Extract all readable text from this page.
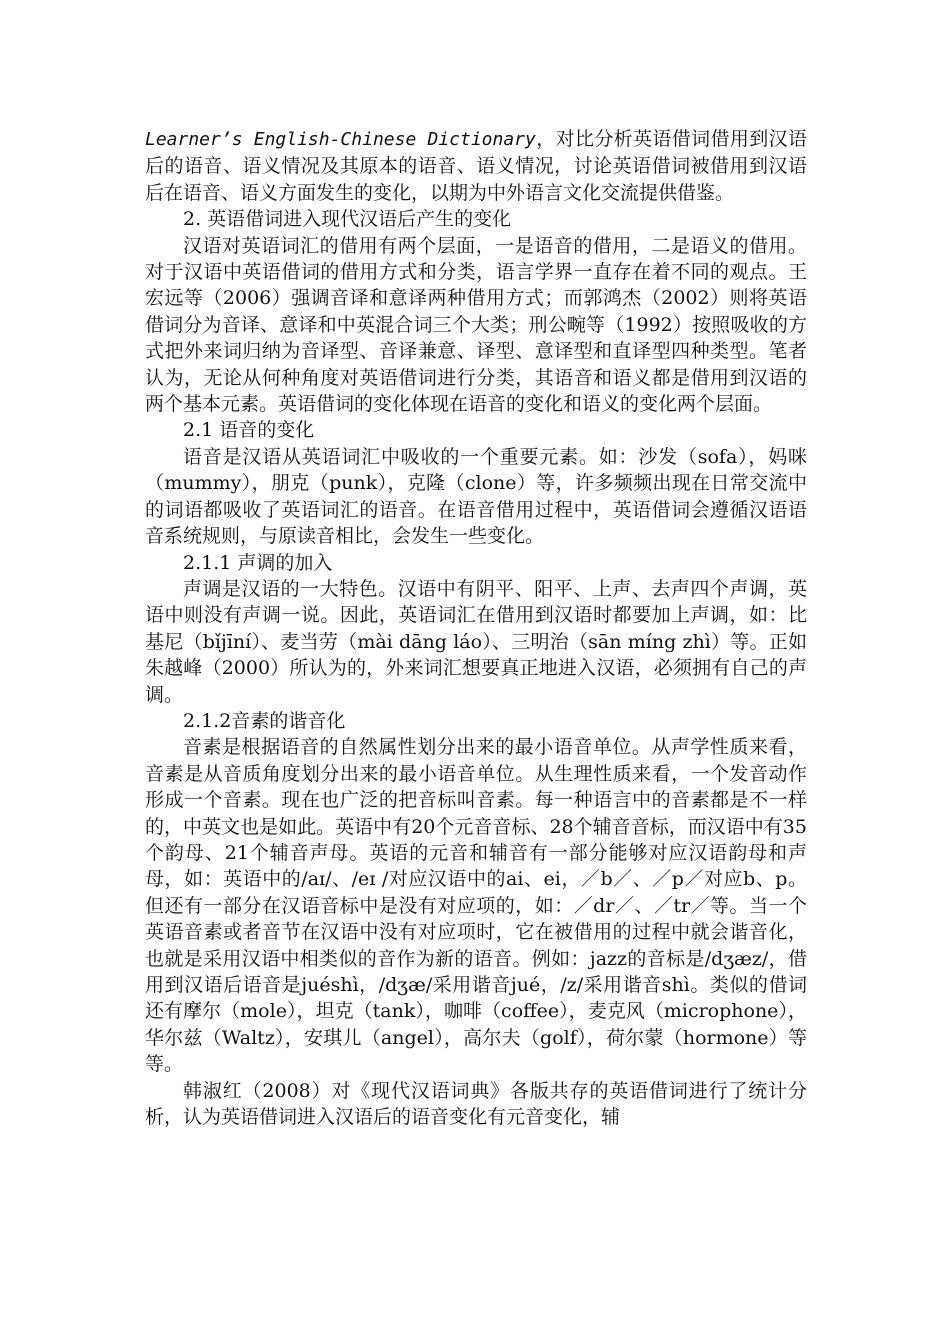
Learner’s English-Chinese Dictionary，对比分析英语借词借用到汉语后的语音、语义情况及其原本的语音、语义情况，讨论英语借词被借用到汉语后在语音、语义方面发生的变化，以期为中外语言文化交流提供借鉴。

2. 英语借词进入现代汉语后产生的变化

汉语对英语词汇的借用有两个层面，一是语音的借用，二是语义的借用。对于汉语中英语借词的借用方式和分类，语言学界一直存在着不同的观点。王宏远等（2006）强调音译和意译两种借用方式；而郭鸿杰（2002）则将英语借词分为音译、意译和中英混合词三个大类；刑公畹等（1992）按照吸收的方式把外来词归纳为音译型、音译兼意、译型、意译型和直译型四种类型。笔者认为，无论从何种角度对英语借词进行分类，其语音和语义都是借用到汉语的两个基本元素。英语借词的变化体现在语音的变化和语义的变化两个层面。

2.1 语音的变化

语音是汉语从英语词汇中吸收的一个重要元素。如：沙发（sofa），妈咪（mummy），朋克（punk），克隆（clone）等，许多频频出现在日常交流中的词语都吸收了英语词汇的语音。在语音借用过程中，英语借词会遵循汉语语音系统规则，与原读音相比，会发生一些变化。

2.1.1 声调的加入

声调是汉语的一大特色。汉语中有阴平、阳平、上声、去声四个声调，英语中则没有声调一说。因此，英语词汇在借用到汉语时都要加上声调，如：比基尼（bǐjīní）、麦当劳（mài dāng láo）、三明治（sān míng zhì）等。正如朱越峰（2000）所认为的，外来词汇想要真正地进入汉语，必须拥有自己的声调。

2.1.2音素的谐音化

音素是根据语音的自然属性划分出来的最小语音单位。从声学性质来看，音素是从音质角度划分出来的最小语音单位。从生理性质来看，一个发音动作形成一个音素。现在也广泛的把音标叫音素。每一种语言中的音素都是不一样的，中英文也是如此。英语中有20个元音音标、28个辅音音标，而汉语中有35个韵母、21个辅音声母。英语的元音和辅音有一部分能够对应汉语韵母和声母，如：英语中的/aɪ/、/eɪ /对应汉语中的ai、ei，／b／、／p／对应b、p。但还有一部分在汉语音标中是没有对应项的，如：／dr／、／tr／等。当一个英语音素或者音节在汉语中没有对应项时，它在被借用的过程中就会谐音化，也就是采用汉语中相类似的音作为新的语音。例如：jazz的音标是/dʒæz/，借用到汉语后语音是juéshì，/dʒæ/采用谐音jué，/z/采用谐音shì。类似的借词还有摩尔（mole），坦克（tank），咖啡（coffee），麦克风（microphone），华尔兹（Waltz），安琪儿（angel），高尔夫（golf），荷尔蒙（hormone）等等。

韩淑红（2008）对《现代汉语词典》各版共存的英语借词进行了统计分析，认为英语借词进入汉语后的语音变化有元音变化，辅
